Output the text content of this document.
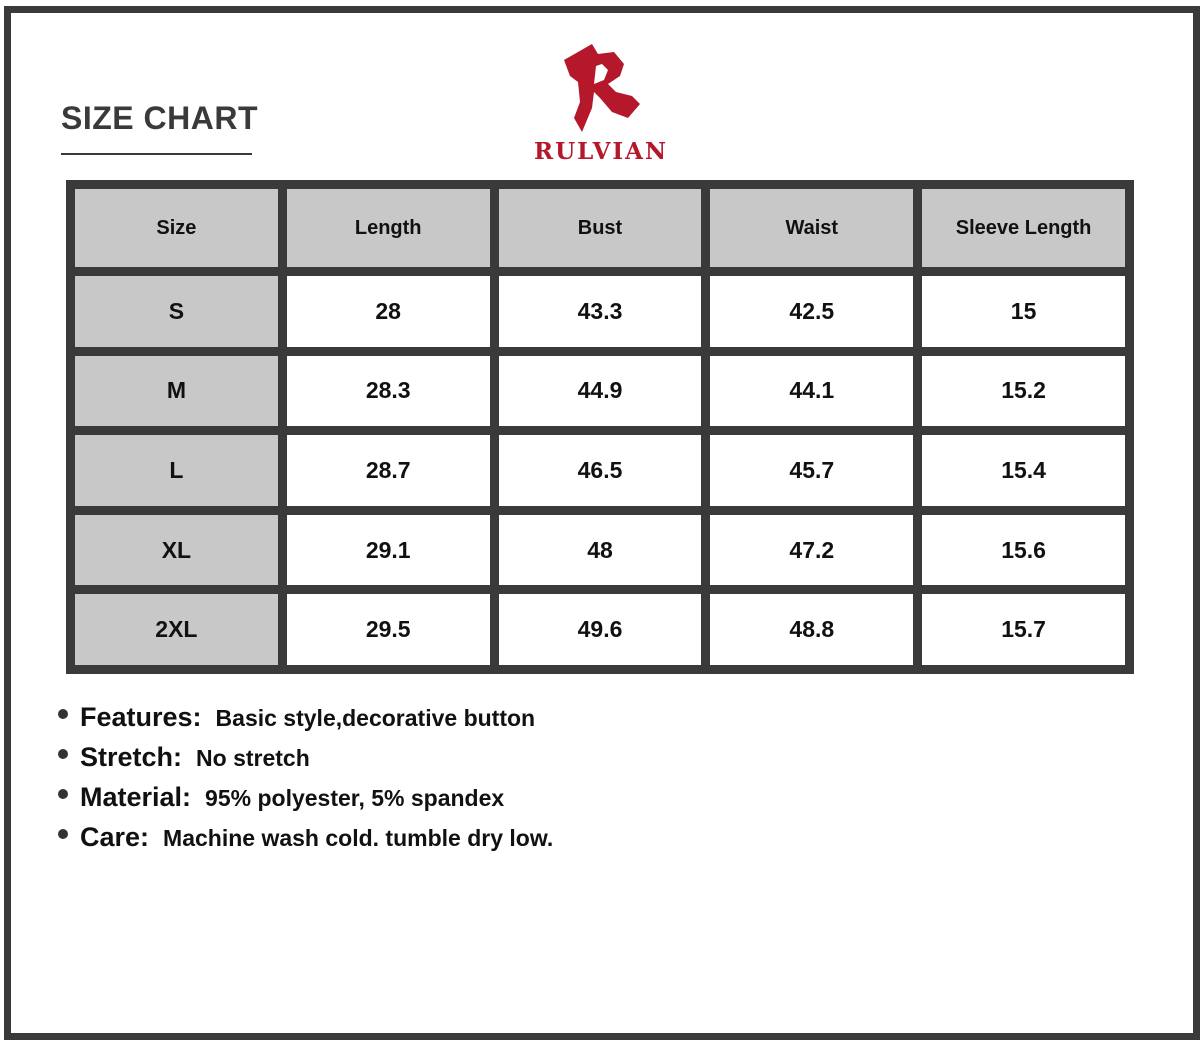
SIZE CHART
RULVIAN
Size	Length	Bust	Waist	Sleeve Length
S	28	43.3	42.5	15
M	28.3	44.9	44.1	15.2
L	28.7	46.5	45.7	15.4
XL	29.1	48	47.2	15.6
2XL	29.5	49.6	48.8	15.7
Features: Basic style,decorative button
Stretch: No stretch
Material: 95% polyester, 5% spandex
Care: Machine wash cold. tumble dry low.
